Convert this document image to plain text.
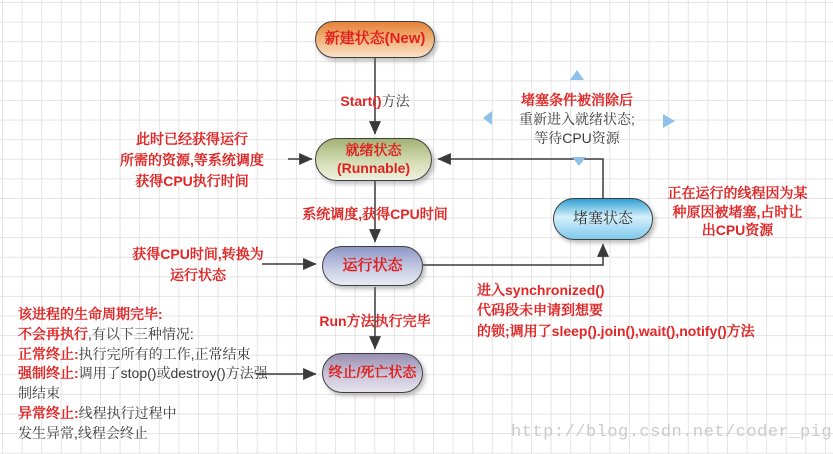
新建状态(New)
就绪状态
(Runnable)
运行状态
堵塞状态
终止/死亡状态
Start()方法
系统调度,获得CPU时间
Run方法执行完毕
此时已经获得运行
所需的资源,等系统调度
获得CPU执行时间
获得CPU时间,转换为
运行状态
堵塞条件被消除后
重新进入就绪状态;
等待CPU资源
正在运行的线程因为某
种原因被堵塞,占时让
出CPU资源
进入synchronized()
代码段未申请到想要
的锁;调用了sleep().join(),wait(),notify()方法
该进程的生命周期完毕:
不会再执行,有以下三种情况:
正常终止:执行完所有的工作,正常结束
强制终止:调用了stop()或destroy()方法强
制结束
异常终止:线程执行过程中
发生异常,线程会终止	http://blog.csdn.net/coder_pig
